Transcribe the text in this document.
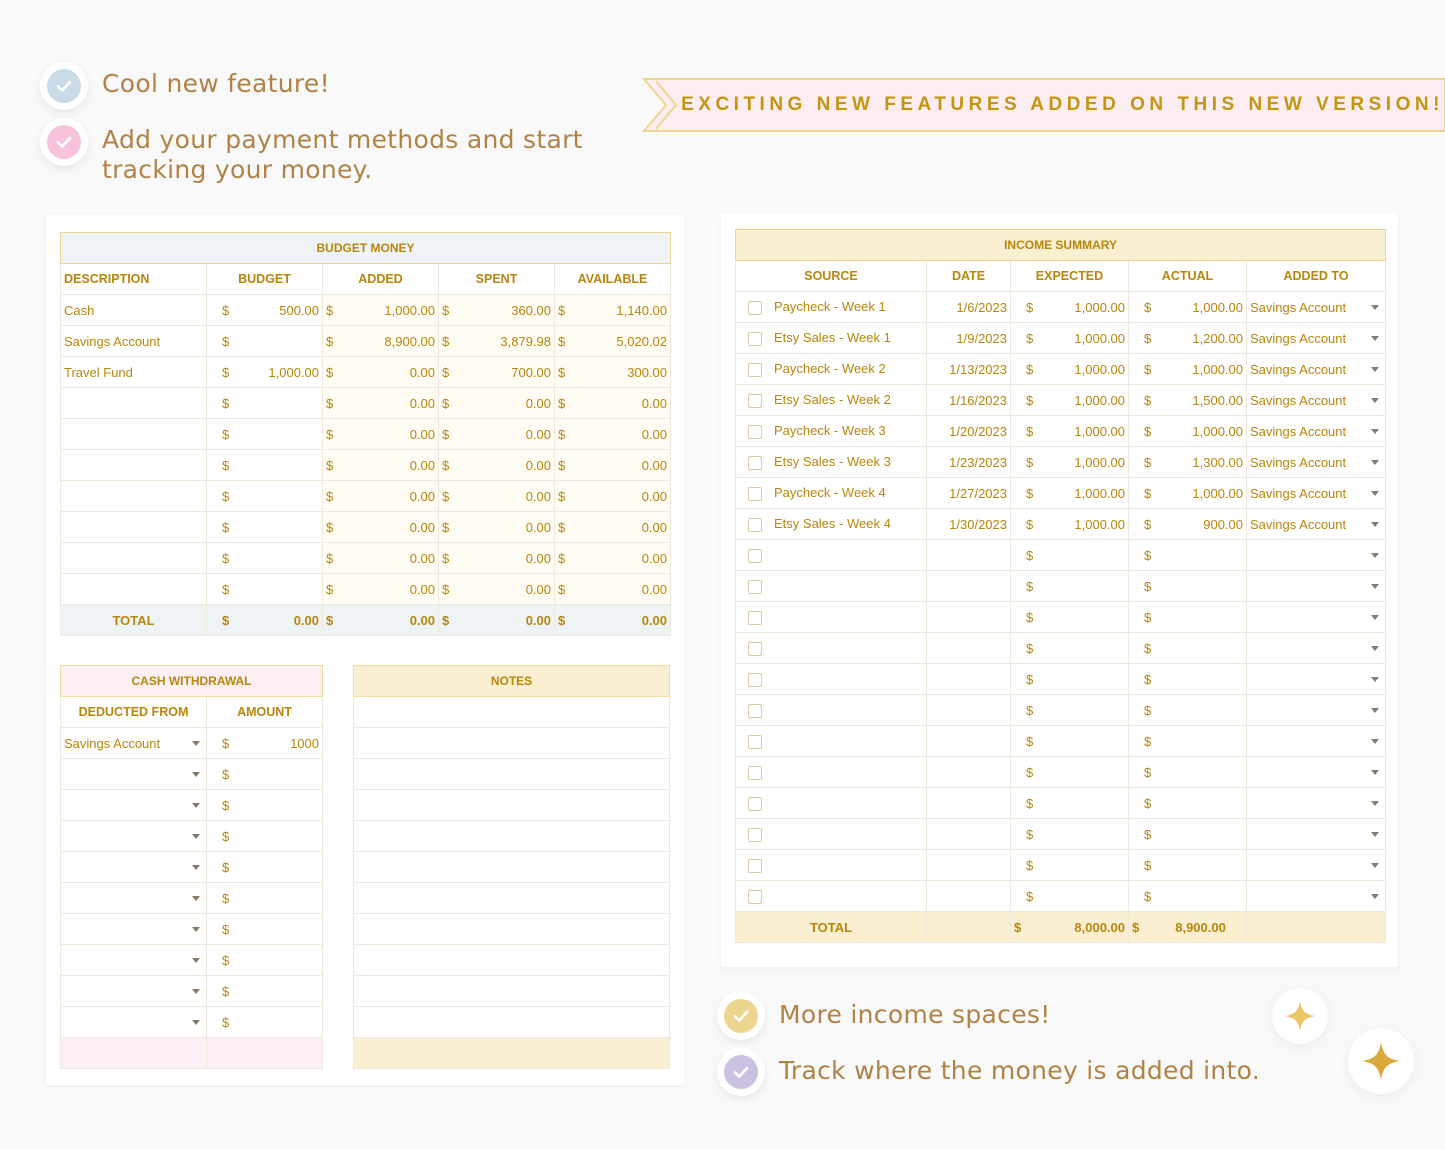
Cool new feature!
Add your payment methods and start tracking your money.
EXCITING NEW FEATURES ADDED ON THIS NEW VERSION!
BUDGET MONEY				
DESCRIPTION	BUDGET	ADDED	SPENT	AVAILABLE
Cash	$ 500.00	$ 1,000.00	$ 360.00	$ 1,140.00

Savings Account	$	$ 8,900.00	$ 3,879.98	$ 5,020.02

Travel Fund	$ 1,000.00	$ 0.00	$ 700.00	$ 300.00

	$	$ 0.00	$ 0.00	$ 0.00

	$	$ 0.00	$ 0.00	$ 0.00

	$	$ 0.00	$ 0.00	$ 0.00

	$	$ 0.00	$ 0.00	$ 0.00

	$	$ 0.00	$ 0.00	$ 0.00

	$	$ 0.00	$ 0.00	$ 0.00

	$	$ 0.00	$ 0.00	$ 0.00

TOTAL	$ 0.00	$ 0.00	$ 0.00	$ 0.00
CASH WITHDRAWAL	
DEDUCTED FROM	AMOUNT
Savings Account	$ 1000

	$

	$

	$

	$

	$

	$

	$

	$

	$

NOTES

INCOME SUMMARY				
SOURCE	DATE	EXPECTED	ACTUAL	ADDED TO
Paycheck - Week 1	1/6/2023	$ 1,000.00	$ 1,000.00	Savings Account

Etsy Sales - Week 1	1/9/2023	$ 1,000.00	$ 1,200.00	Savings Account

Paycheck - Week 2	1/13/2023	$ 1,000.00	$ 1,000.00	Savings Account

Etsy Sales - Week 2	1/16/2023	$ 1,000.00	$ 1,500.00	Savings Account

Paycheck - Week 3	1/20/2023	$ 1,000.00	$ 1,000.00	Savings Account

Etsy Sales - Week 3	1/23/2023	$ 1,000.00	$ 1,300.00	Savings Account

Paycheck - Week 4	1/27/2023	$ 1,000.00	$ 1,000.00	Savings Account

Etsy Sales - Week 4	1/30/2023	$ 1,000.00	$ 900.00	Savings Account

		$	$

		$	$

		$	$

		$	$

		$	$

		$	$

		$	$

		$	$

		$	$

		$	$

		$	$

		$	$

TOTAL		$ 8,000.00	$ 8,900.00	
More income spaces!
Track where the money is added into.
